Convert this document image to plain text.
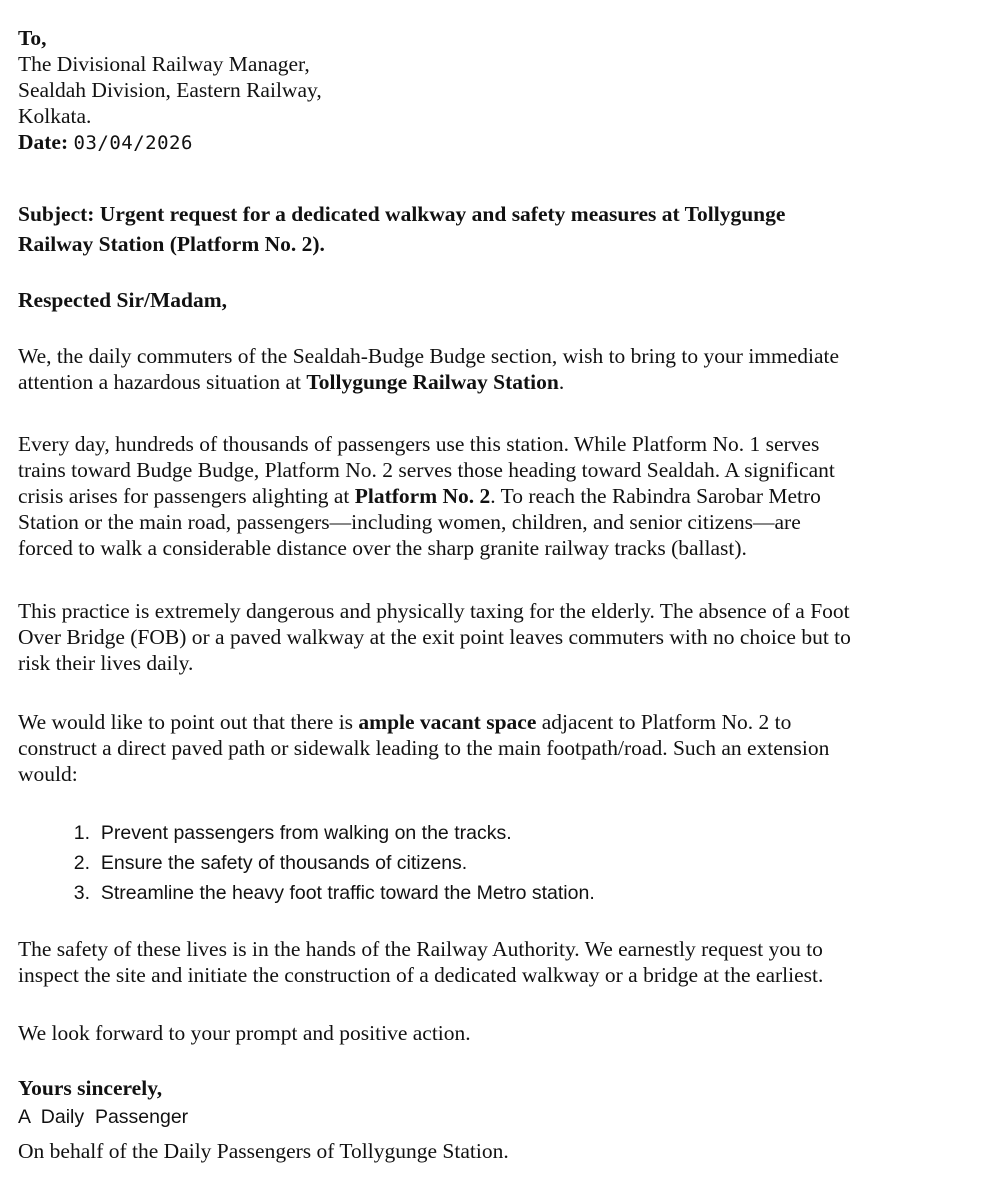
To,
The Divisional Railway Manager,
Sealdah Division, Eastern Railway,
Kolkata.
Date: 03/04/2026
Subject: Urgent request for a dedicated walkway and safety measures at Tollygunge
Railway Station (Platform No. 2).
Respected Sir/Madam,
We, the daily commuters of the Sealdah-Budge Budge section, wish to bring to your immediate
attention a hazardous situation at Tollygunge Railway Station.
Every day, hundreds of thousands of passengers use this station. While Platform No. 1 serves
trains toward Budge Budge, Platform No. 2 serves those heading toward Sealdah. A significant
crisis arises for passengers alighting at Platform No. 2. To reach the Rabindra Sarobar Metro
Station or the main road, passengers—including women, children, and senior citizens—are
forced to walk a considerable distance over the sharp granite railway tracks (ballast).
This practice is extremely dangerous and physically taxing for the elderly. The absence of a Foot
Over Bridge (FOB) or a paved walkway at the exit point leaves commuters with no choice but to
risk their lives daily.
We would like to point out that there is ample vacant space adjacent to Platform No. 2 to
construct a direct paved path or sidewalk leading to the main footpath/road. Such an extension
would:
1. Prevent passengers from walking on the tracks.
2. Ensure the safety of thousands of citizens.
3. Streamline the heavy foot traffic toward the Metro station.
The safety of these lives is in the hands of the Railway Authority. We earnestly request you to
inspect the site and initiate the construction of a dedicated walkway or a bridge at the earliest.
We look forward to your prompt and positive action.
Yours sincerely,
A  Daily  Passenger
On behalf of the Daily Passengers of Tollygunge Station.
